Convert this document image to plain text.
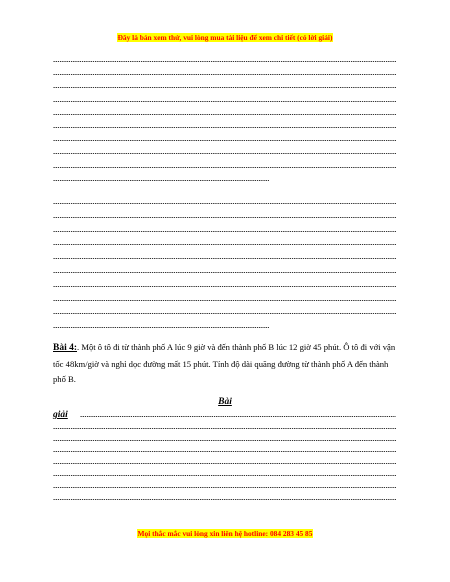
Đây là bản xem thử, vui lòng mua tài liệu để xem chi tiết (có lời giải)
Bài 4:. Một ô tô đi từ thành phố A lúc 9 giờ và đến thành phố B lúc 12 giờ 45 phút. Ô tô đi với vận tốc 48km/giờ và nghỉ dọc đường mất 15 phút. Tính độ dài quãng đường từ thành phố A đến thành phố B.
Bài
giải
Mọi thắc mắc vui lòng xin liên hệ hotline: 084 283 45 85
